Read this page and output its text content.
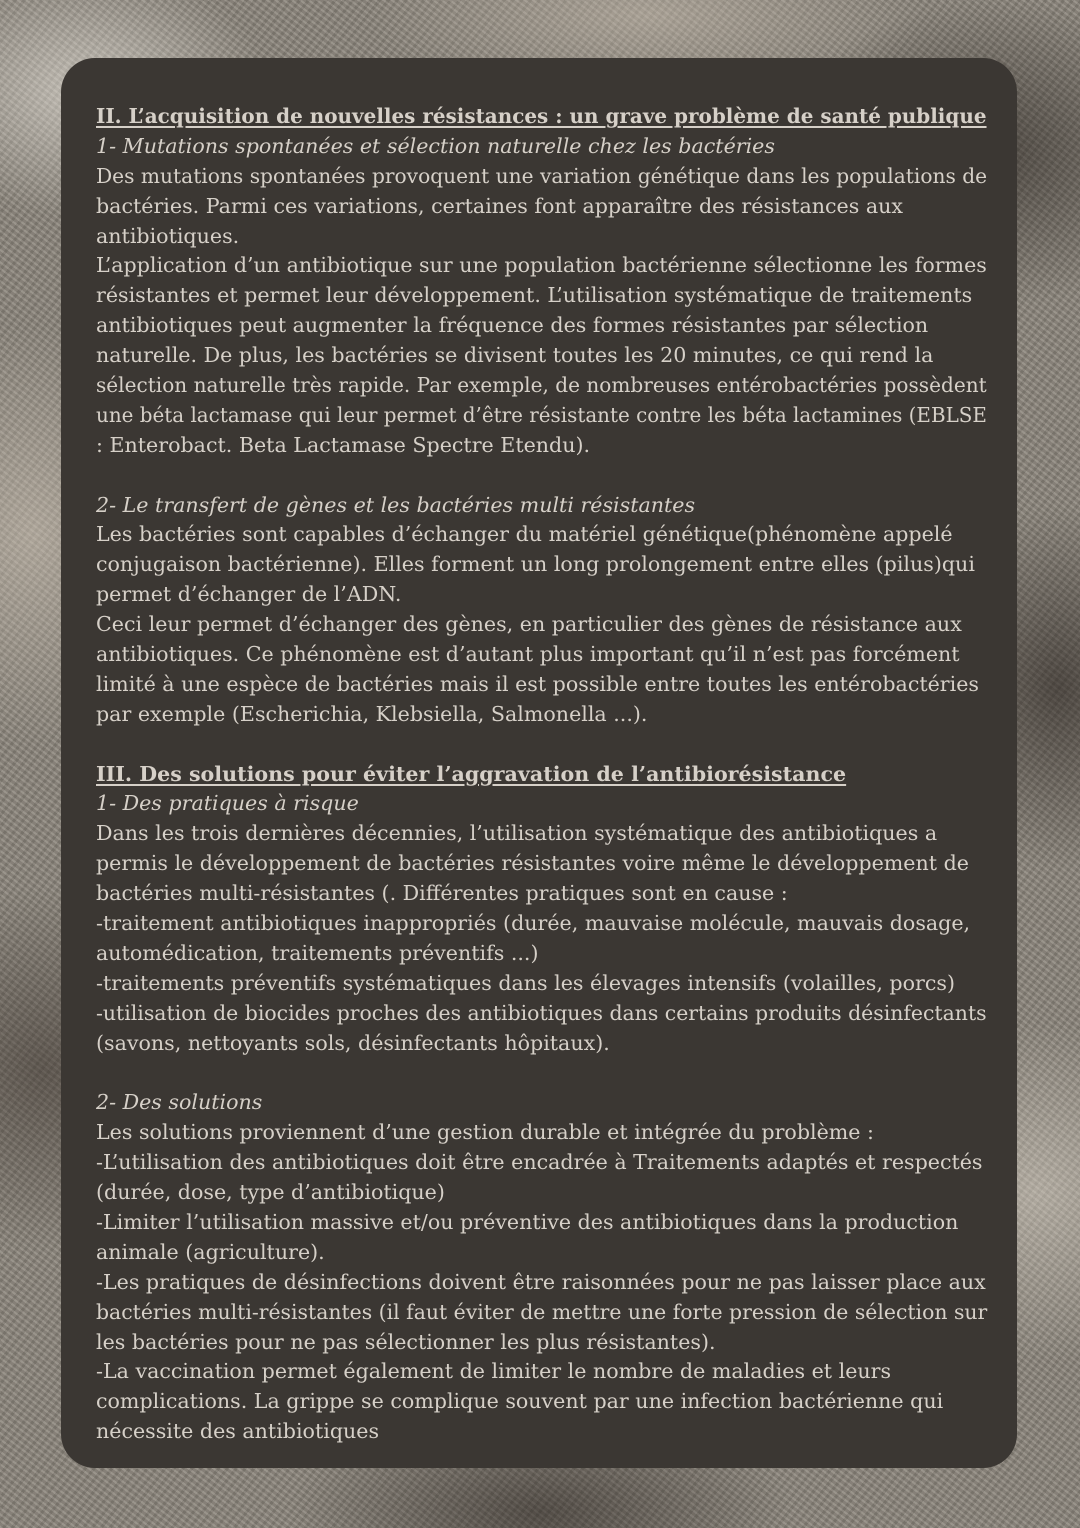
II. L’acquisition de nouvelles résistances : un grave problème de santé publique
1- Mutations spontanées et sélection naturelle chez les bactéries
Des mutations spontanées provoquent une variation génétique dans les populations de
bactéries. Parmi ces variations, certaines font apparaître des résistances aux
antibiotiques.
L’application d’un antibiotique sur une population bactérienne sélectionne les formes
résistantes et permet leur développement. L’utilisation systématique de traitements
antibiotiques peut augmenter la fréquence des formes résistantes par sélection
naturelle. De plus, les bactéries se divisent toutes les 20 minutes, ce qui rend la
sélection naturelle très rapide. Par exemple, de nombreuses entérobactéries possèdent
une béta lactamase qui leur permet d’être résistante contre les béta lactamines (EBLSE
: Enterobact. Beta Lactamase Spectre Etendu).
2- Le transfert de gènes et les bactéries multi résistantes
Les bactéries sont capables d’échanger du matériel génétique(phénomène appelé
conjugaison bactérienne). Elles forment un long prolongement entre elles (pilus)qui
permet d’échanger de l’ADN.
Ceci leur permet d’échanger des gènes, en particulier des gènes de résistance aux
antibiotiques. Ce phénomène est d’autant plus important qu’il n’est pas forcément
limité à une espèce de bactéries mais il est possible entre toutes les entérobactéries
par exemple (Escherichia, Klebsiella, Salmonella ...).
III. Des solutions pour éviter l’aggravation de l’antibiorésistance
1- Des pratiques à risque
Dans les trois dernières décennies, l’utilisation systématique des antibiotiques a
permis le développement de bactéries résistantes voire même le développement de
bactéries multi-résistantes (. Différentes pratiques sont en cause :
-traitement antibiotiques inappropriés (durée, mauvaise molécule, mauvais dosage,
automédication, traitements préventifs ...)
-traitements préventifs systématiques dans les élevages intensifs (volailles, porcs)
-utilisation de biocides proches des antibiotiques dans certains produits désinfectants
(savons, nettoyants sols, désinfectants hôpitaux).
2- Des solutions
Les solutions proviennent d’une gestion durable et intégrée du problème :
-L’utilisation des antibiotiques doit être encadrée à Traitements adaptés et respectés
(durée, dose, type d’antibiotique)
-Limiter l’utilisation massive et/ou préventive des antibiotiques dans la production
animale (agriculture).
-Les pratiques de désinfections doivent être raisonnées pour ne pas laisser place aux
bactéries multi-résistantes (il faut éviter de mettre une forte pression de sélection sur
les bactéries pour ne pas sélectionner les plus résistantes).
-La vaccination permet également de limiter le nombre de maladies et leurs
complications. La grippe se complique souvent par une infection bactérienne qui
nécessite des antibiotiques
